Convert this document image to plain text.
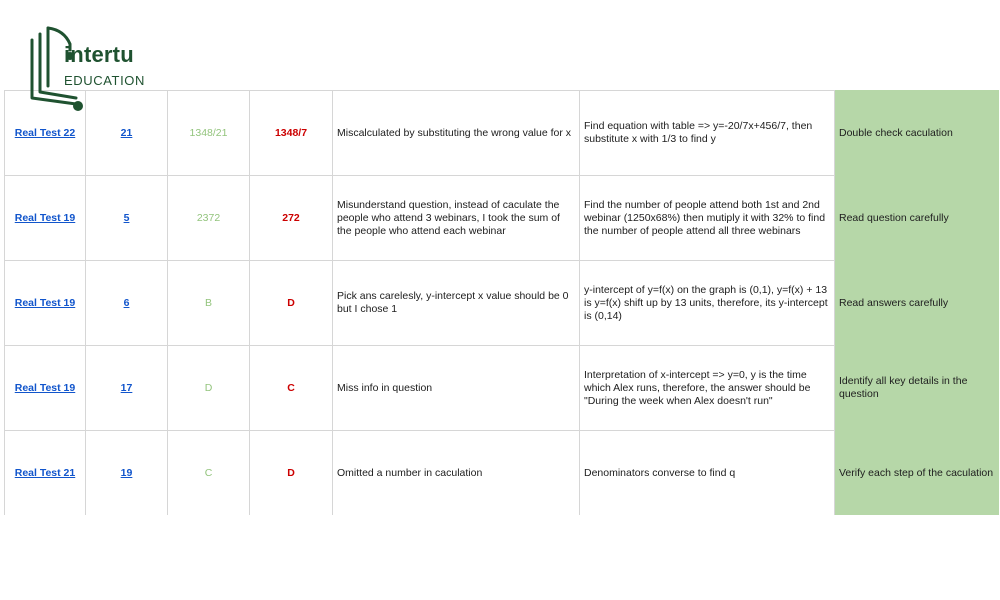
intertu
EDUCATION
Real Test 22	21	1348/21	1348/7	Miscalculated by substituting the wrong value for x	Find equation with table => y=-20/7x+456/7, then substitute x with 1/3 to find y	Double check caculation
Real Test 19	5	2372	272	Misunderstand question, instead of caculate the people who attend 3 webinars, I took the sum of the people who attend each webinar	Find the number of people attend both 1st and 2nd webinar (1250x68%) then mutiply it with 32% to find the number of people attend all three webinars	Read question carefully
Real Test 19	6	B	D	Pick ans carelesly, y-intercept x value should be 0 but I chose 1	y-intercept of y=f(x) on the graph is (0,1), y=f(x) + 13 is y=f(x) shift up by 13 units, therefore, its y-intercept is (0,14)	Read answers carefully
Real Test 19	17	D	C	Miss info in question	Interpretation of x-intercept => y=0, y is the time which Alex runs, therefore, the answer should be "During the week when Alex doesn't run"	Identify all key details in the question
Real Test 21	19	C	D	Omitted a number in caculation	Denominators converse to find q	Verify each step of the caculation
